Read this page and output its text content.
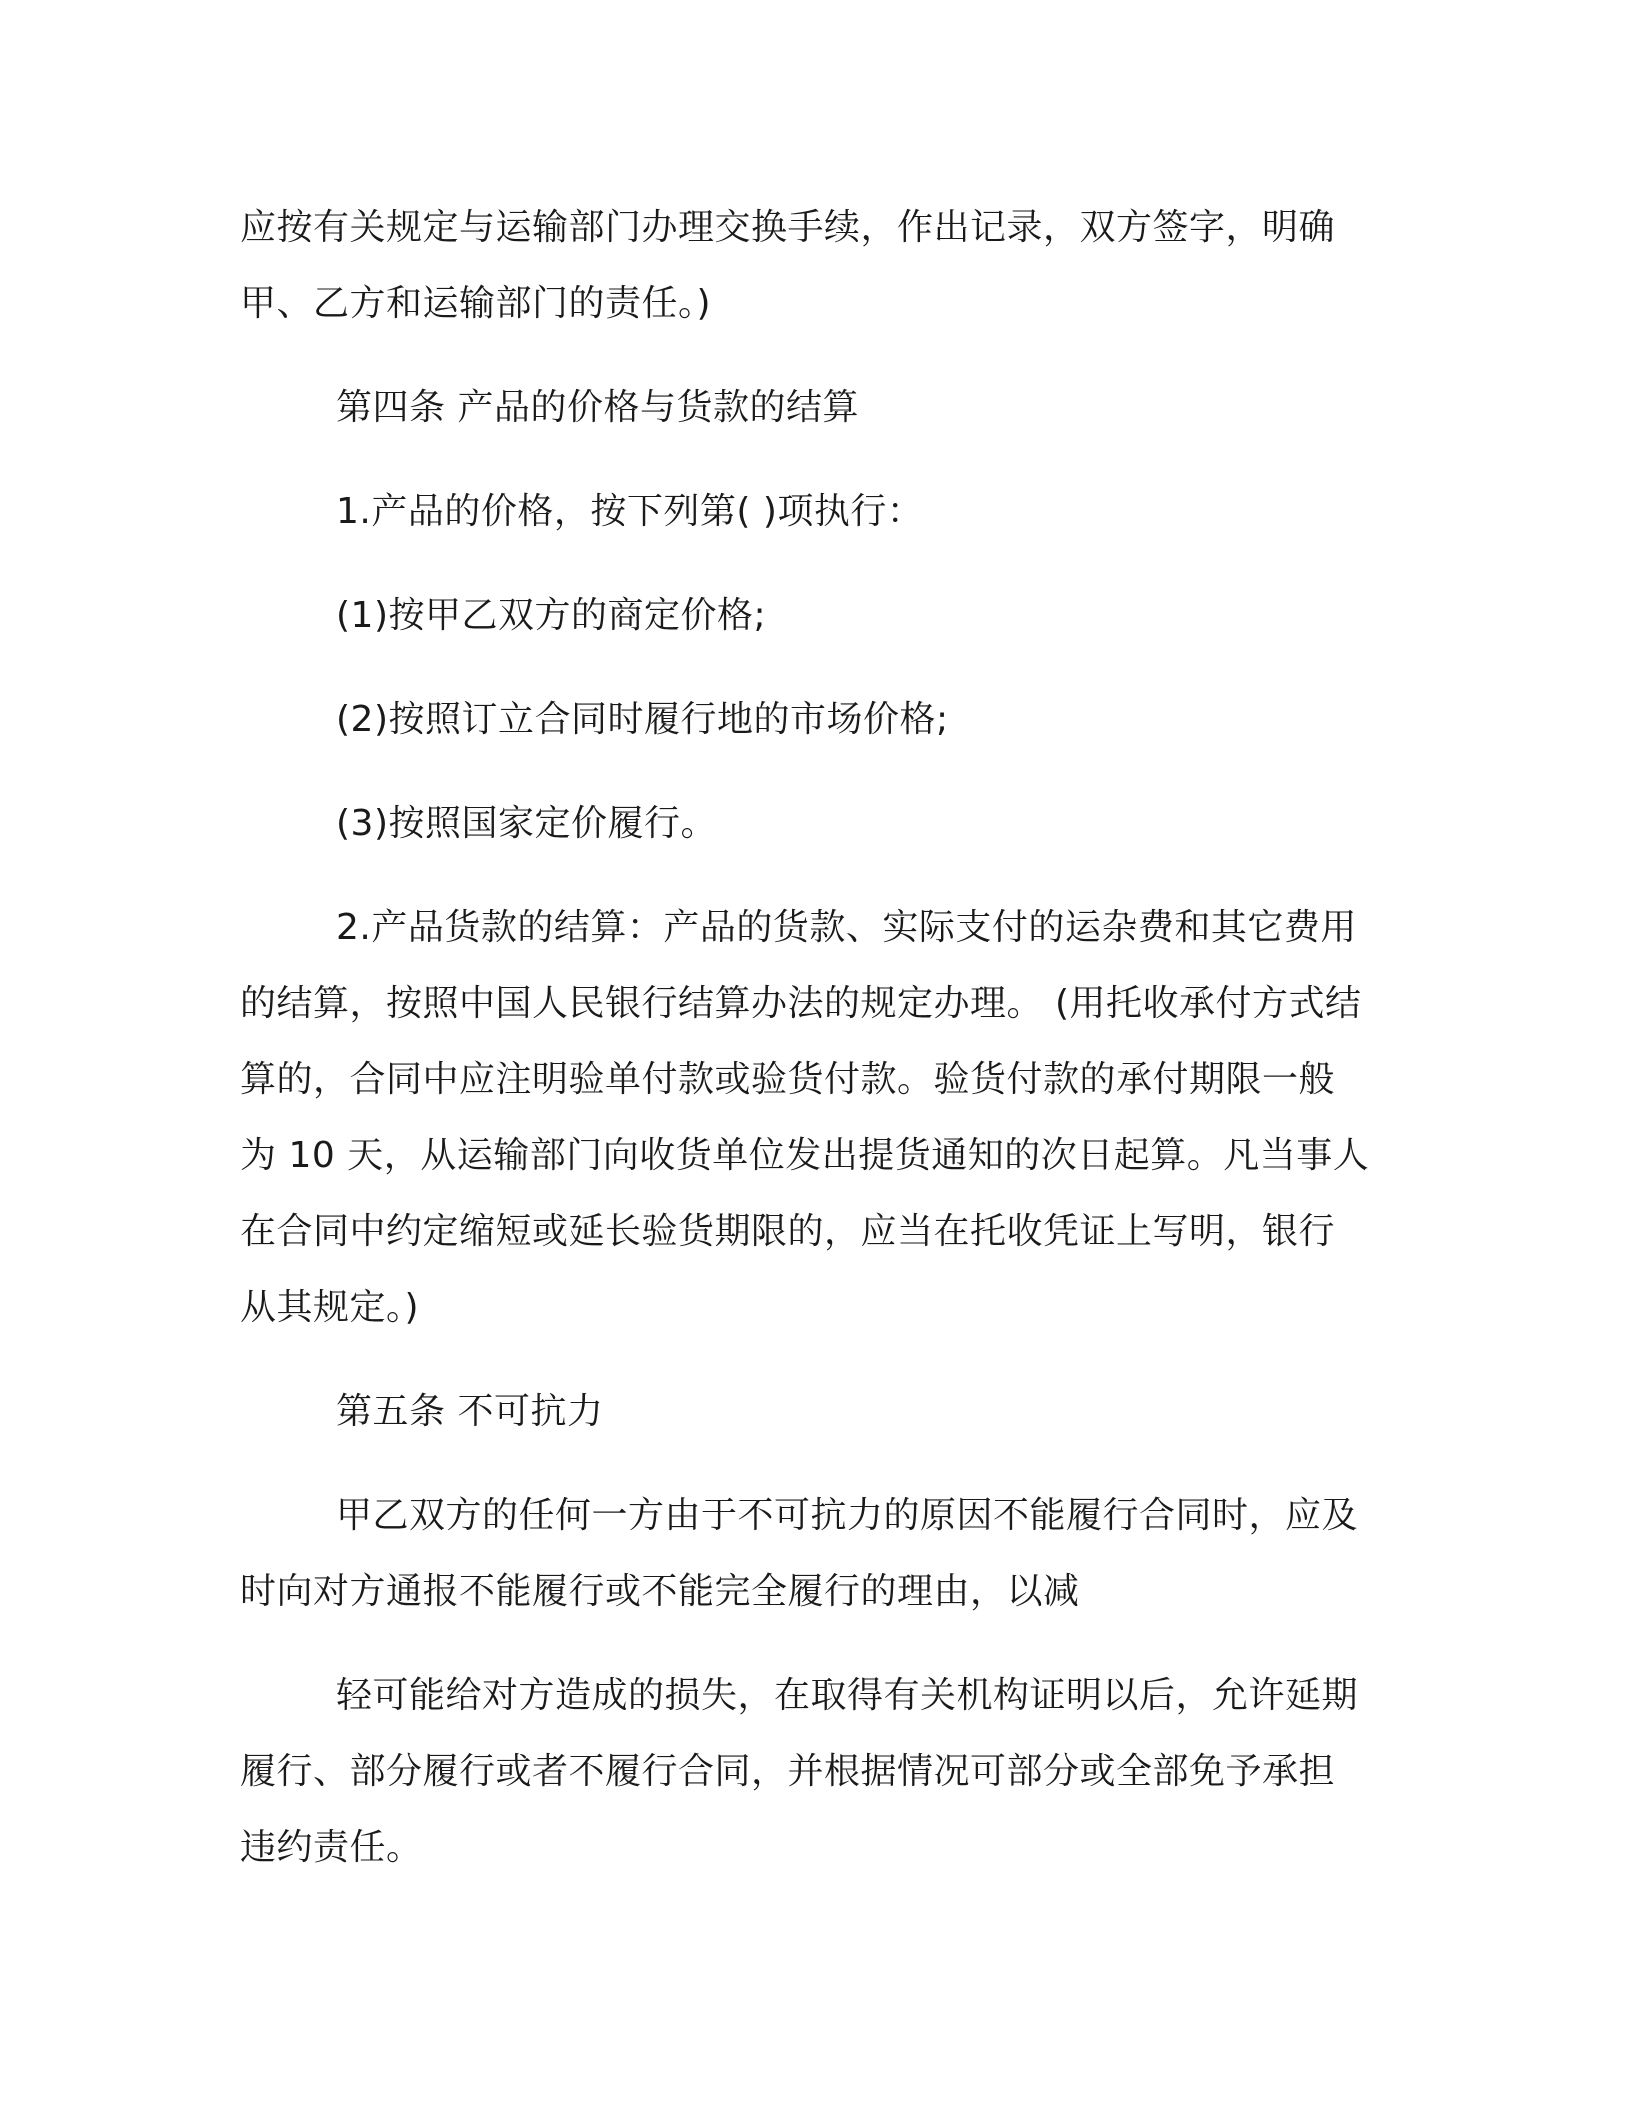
应按有关规定与运输部门办理交换手续，作出记录，双方签字，明确
甲、乙方和运输部门的责任。)

第四条 产品的价格与货款的结算

1.产品的价格，按下列第( )项执行：

(1)按甲乙双方的商定价格;

(2)按照订立合同时履行地的市场价格;

(3)按照国家定价履行。

2.产品货款的结算：产品的货款、实际支付的运杂费和其它费用
的结算，按照中国人民银行结算办法的规定办理。 (用托收承付方式结
算的，合同中应注明验单付款或验货付款。验货付款的承付期限一般
为 10 天，从运输部门向收货单位发出提货通知的次日起算。凡当事人
在合同中约定缩短或延长验货期限的，应当在托收凭证上写明，银行
从其规定。)

第五条 不可抗力

甲乙双方的任何一方由于不可抗力的原因不能履行合同时，应及
时向对方通报不能履行或不能完全履行的理由，以减

轻可能给对方造成的损失，在取得有关机构证明以后，允许延期
履行、部分履行或者不履行合同，并根据情况可部分或全部免予承担
违约责任。
